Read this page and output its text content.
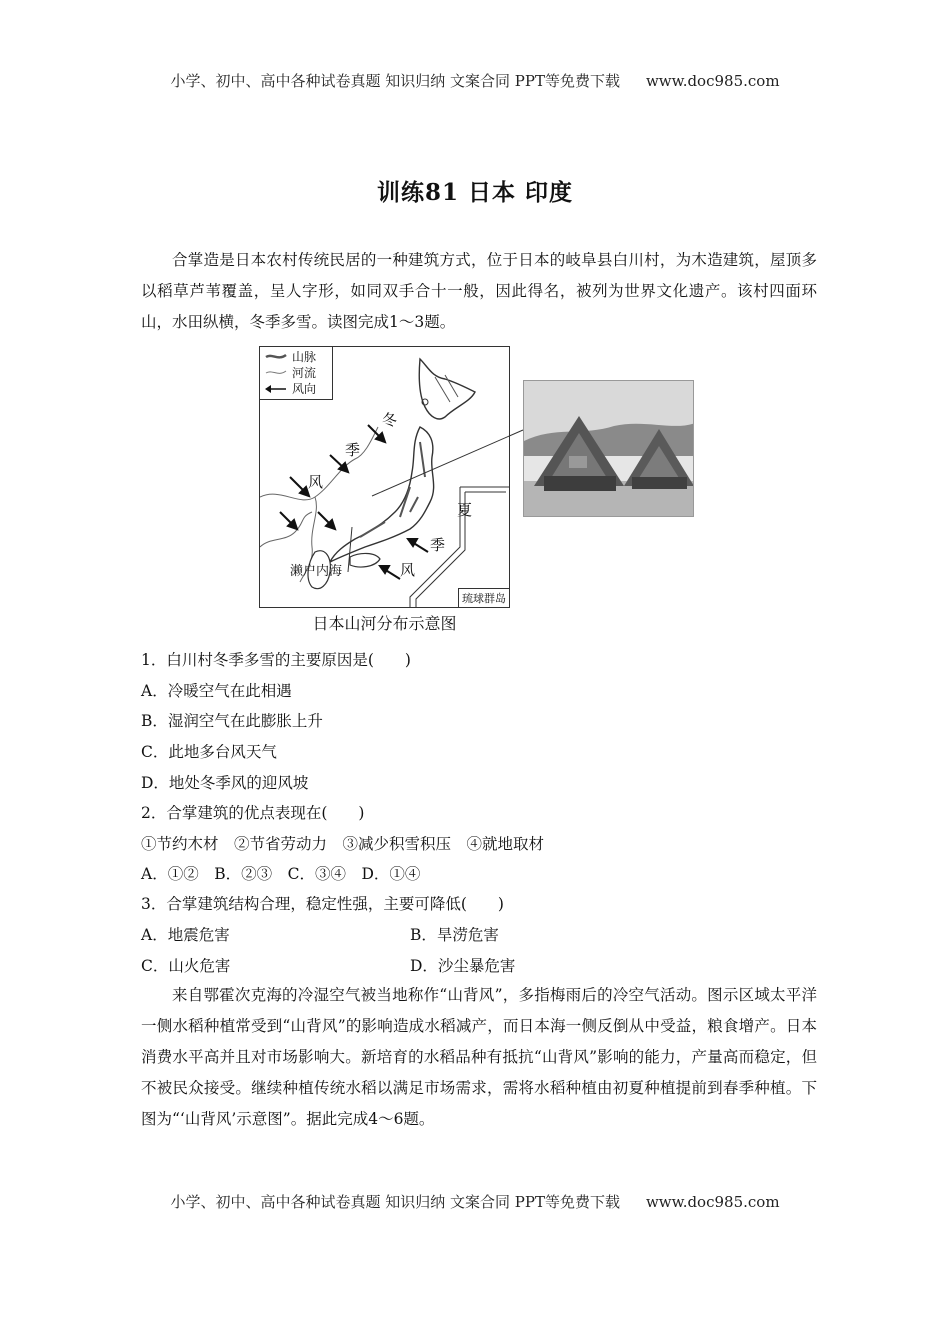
小学、初中、高中各种试卷真题 知识归纳 文案合同 PPT等免费下载 www.doc985.com
训练81 日本 印度

合掌造是日本农村传统民居的一种建筑方式，位于日本的岐阜县白川村，为木造建筑，屋顶多以稻草芦苇覆盖，呈人字形，如同双手合十一般，因此得名，被列为世界文化遗产。该村四面环山，水田纵横，冬季多雪。读图完成1～3题。

山脉
河流
风向
冬
季
风
夏
季
风
濑户内海
琉球群岛
日本山河分布示意图
1．白川村冬季多雪的主要原因是(　　)
A．冷暖空气在此相遇
B．湿润空气在此膨胀上升
C．此地多台风天气
D．地处冬季风的迎风坡
2．合掌建筑的优点表现在(　　)
①节约木材　②节省劳动力　③减少积雪积压　④就地取材
A．①②　B．②③　C．③④　D．①④
3．合掌建筑结构合理，稳定性强，主要可降低(　　)
A．地震危害	B．旱涝危害
C．山火危害	D．沙尘暴危害

来自鄂霍次克海的冷湿空气被当地称作“山背风”，多指梅雨后的冷空气活动。图示区域太平洋一侧水稻种植常受到“山背风”的影响造成水稻减产，而日本海一侧反倒从中受益，粮食增产。日本消费水平高并且对市场影响大。新培育的水稻品种有抵抗“山背风”影响的能力，产量高而稳定，但不被民众接受。继续种植传统水稻以满足市场需求，需将水稻种植由初夏种植提前到春季种植。下图为“‘山背风’示意图”。据此完成4～6题。

小学、初中、高中各种试卷真题 知识归纳 文案合同 PPT等免费下载 www.doc985.com
